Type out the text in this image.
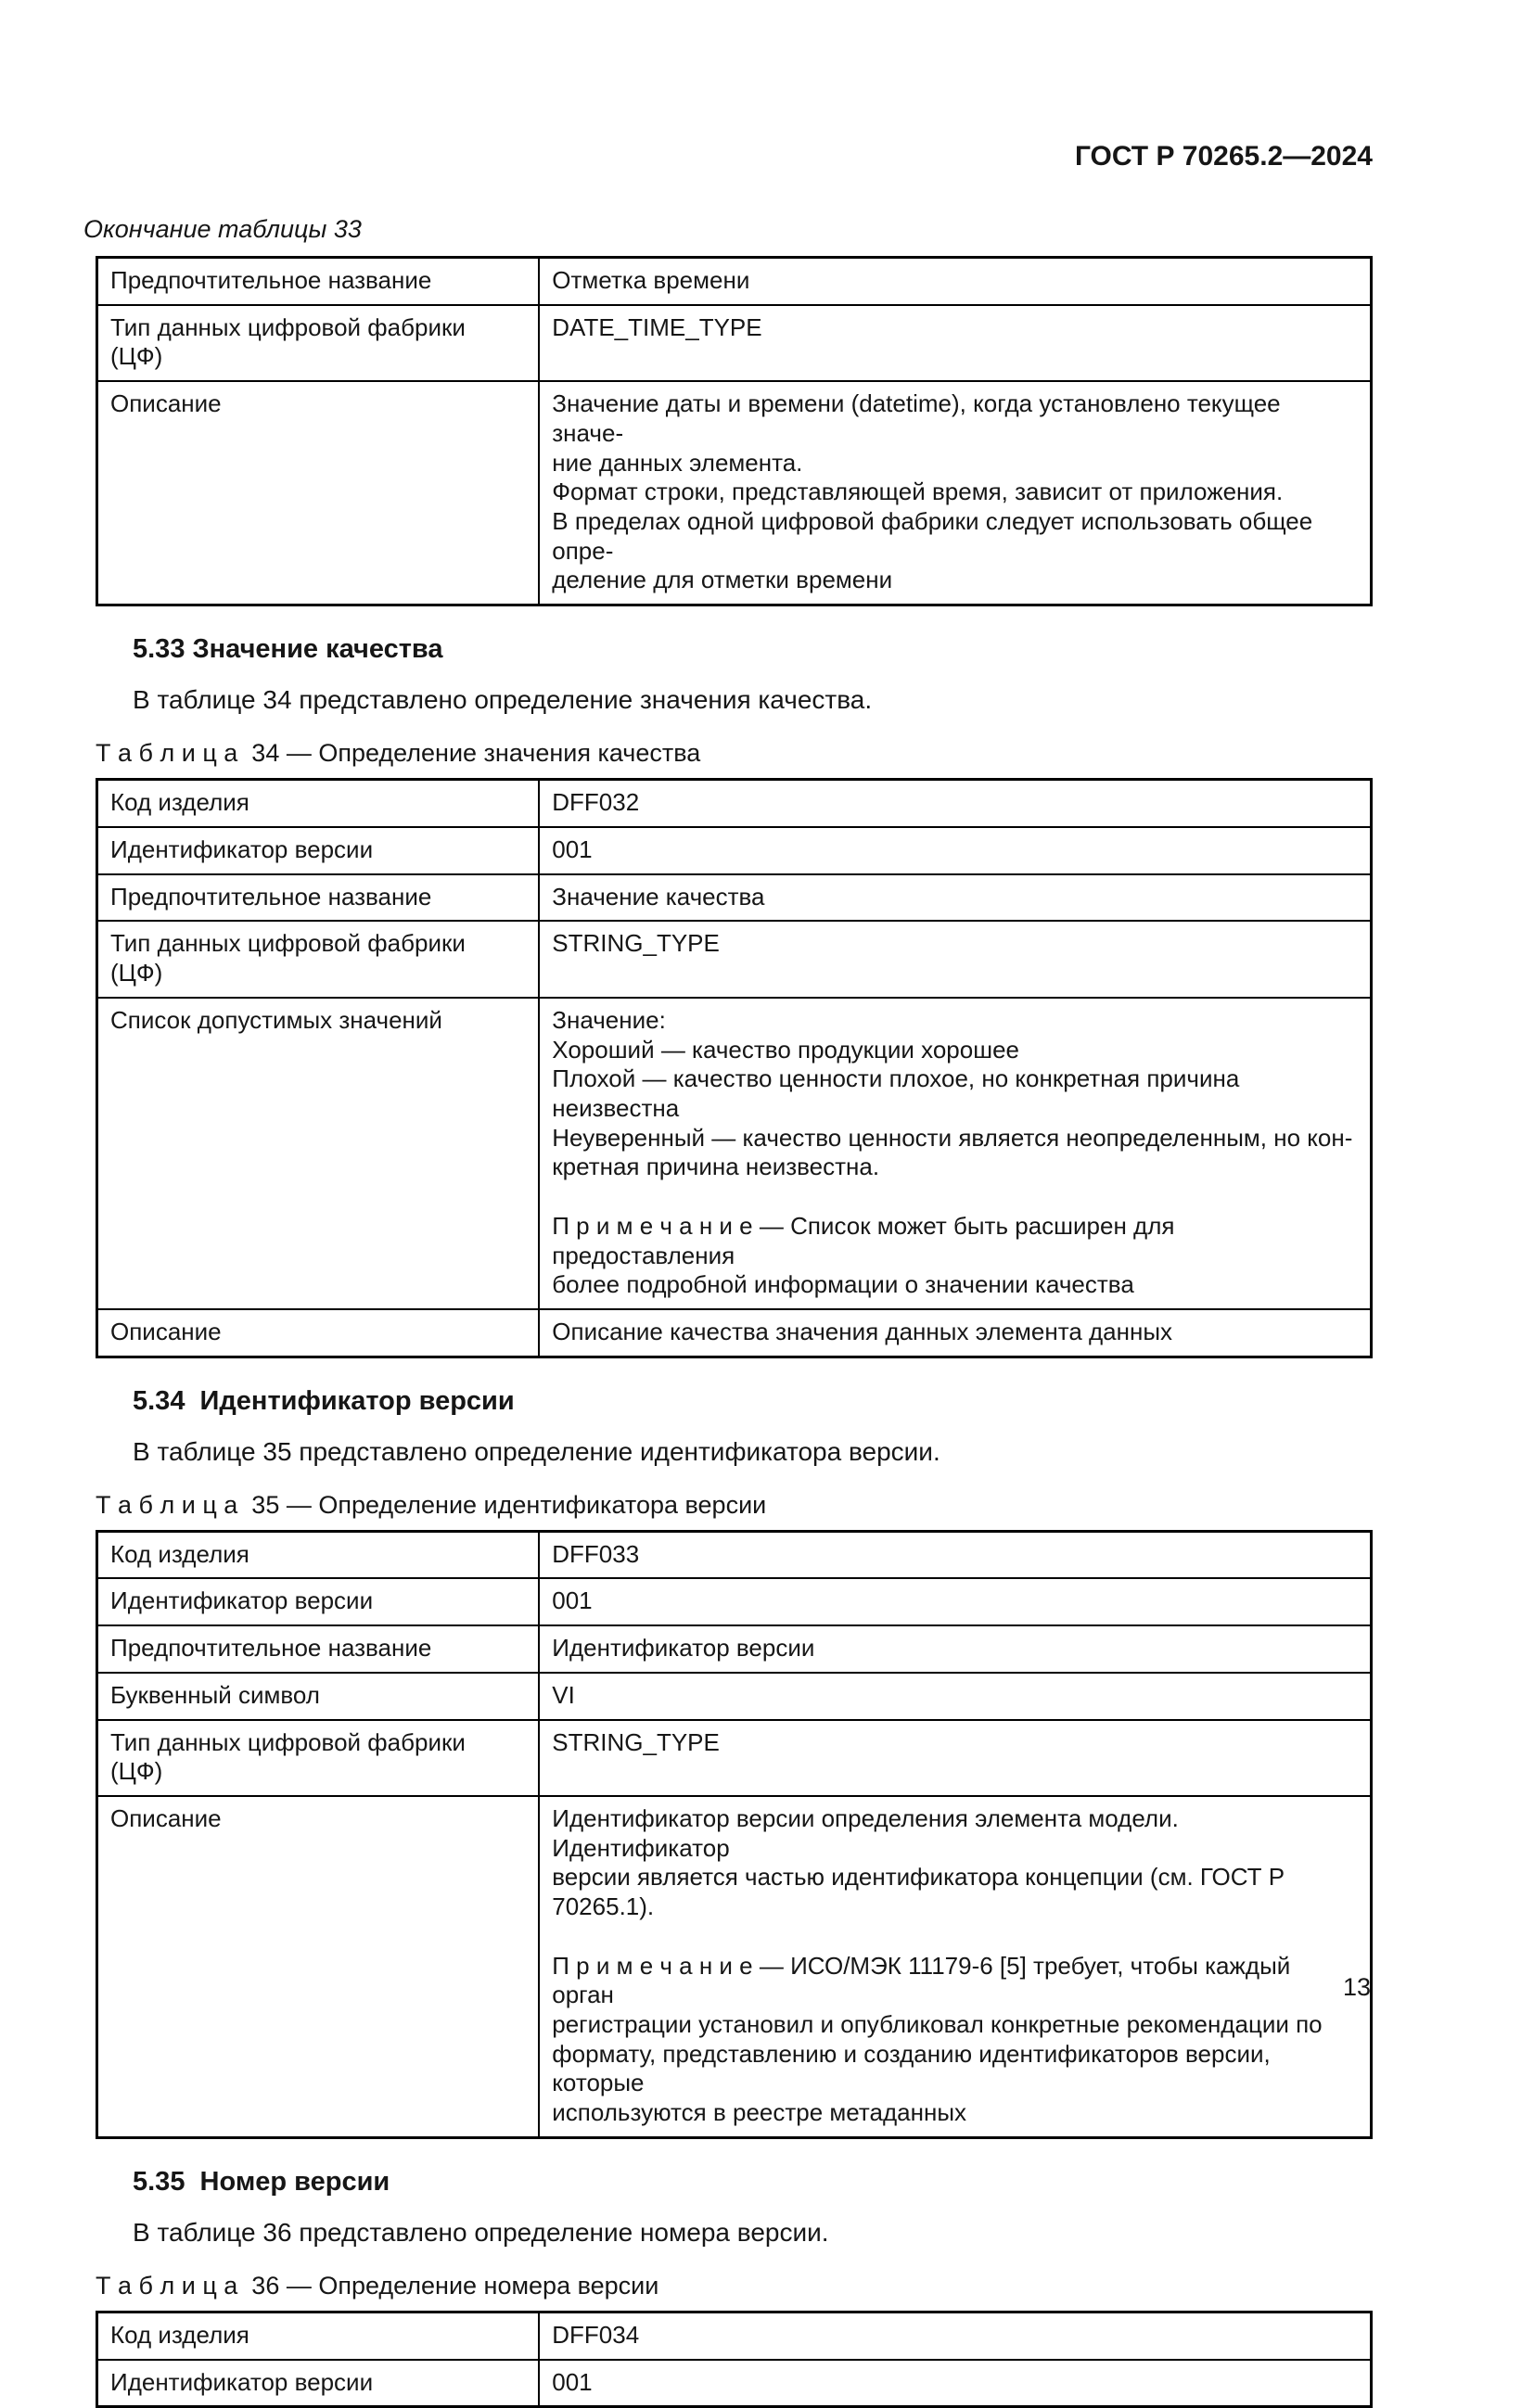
ГОСТ Р 70265.2—2024

Окончание таблицы 33

Предпочтительное название	Отметка времени
Тип данных цифровой фабрики (ЦФ)	DATE_TIME_TYPE
Описание	Значение даты и времени (datetime), когда установлено текущее значе-
ние данных элемента.
Формат строки, представляющей время, зависит от приложения.
В пределах одной цифровой фабрики следует использовать общее опре-
деление для отметки времени
5.33 Значение качества

В таблице 34 представлено определение значения качества.

Т а б л и ц а  34 — Определение значения качества

Код изделия	DFF032
Идентификатор версии	001
Предпочтительное название	Значение качества
Тип данных цифровой фабрики (ЦФ)	STRING_TYPE
Список допустимых значений	Значение:
Хороший — качество продукции хорошее
Плохой — качество ценности плохое, но конкретная причина неизвестна
Неуверенный — качество ценности является неопределенным, но кон-
кретная причина неизвестна.

П р и м е ч а н и е — Список может быть расширен для предоставления
более подробной информации о значении качества
Описание	Описание качества значения данных элемента данных
5.34  Идентификатор версии

В таблице 35 представлено определение идентификатора версии.

Т а б л и ц а  35 — Определение идентификатора версии

Код изделия	DFF033
Идентификатор версии	001
Предпочтительное название	Идентификатор версии
Буквенный символ	VI
Тип данных цифровой фабрики (ЦФ)	STRING_TYPE
Описание	Идентификатор версии определения элемента модели. Идентификатор
версии является частью идентификатора концепции (см. ГОСТ Р 70265.1).

П р и м е ч а н и е — ИСО/МЭК 11179-6 [5] требует, чтобы каждый орган
регистрации установил и опубликовал конкретные рекомендации по
формату, представлению и созданию идентификаторов версии, которые
используются в реестре метаданных
5.35  Номер версии

В таблице 36 представлено определение номера версии.

Т а б л и ц а  36 — Определение номера версии

Код изделия	DFF034
Идентификатор версии	001
13
